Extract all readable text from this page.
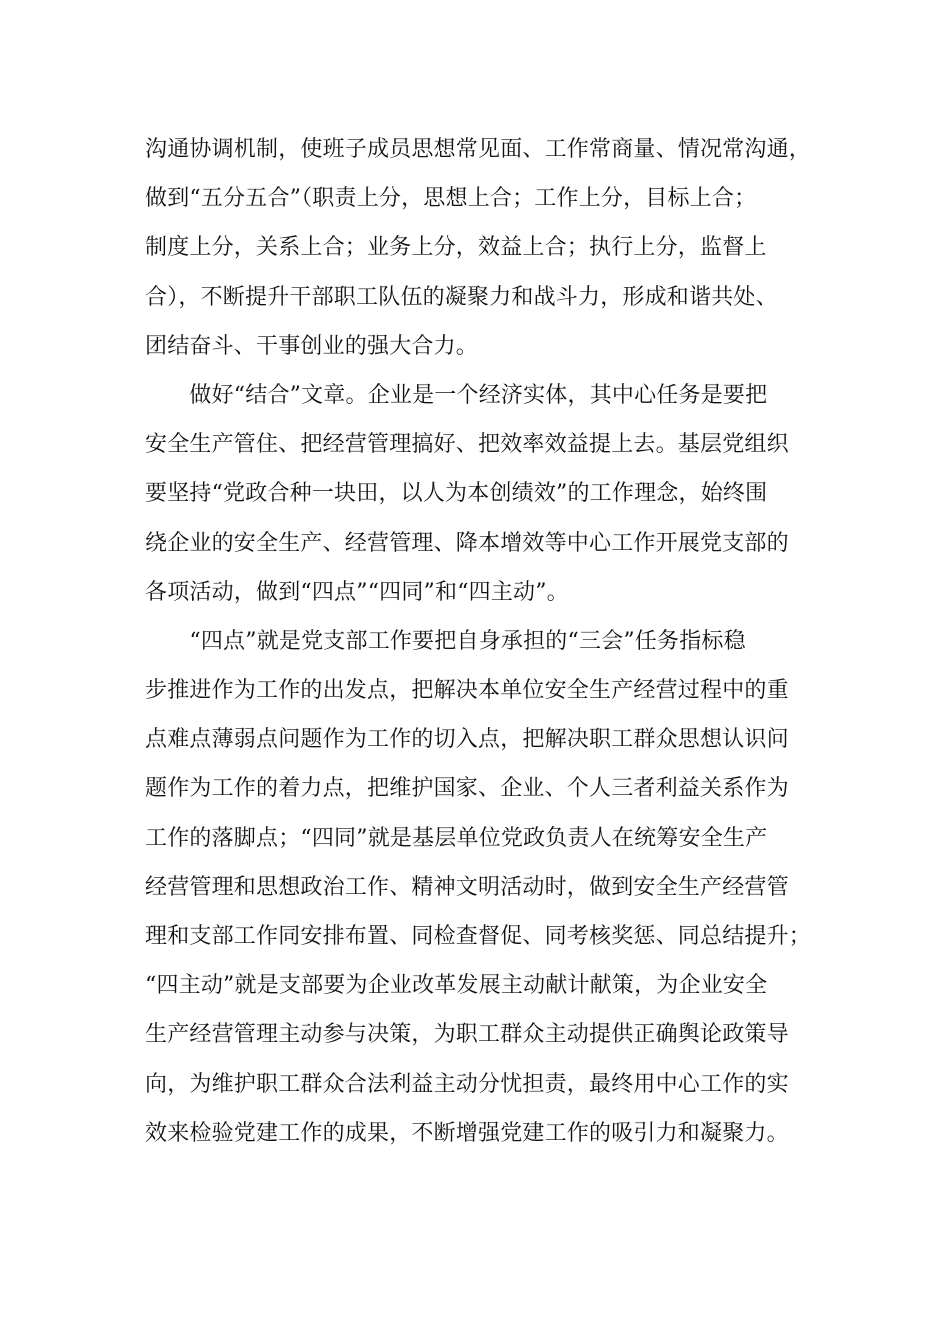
沟通协调机制，使班子成员思想常见面、工作常商量、情况常沟通，
做到“五分五合”（职责上分，思想上合；工作上分，目标上合；
制度上分，关系上合；业务上分，效益上合；执行上分，监督上
合），不断提升干部职工队伍的凝聚力和战斗力，形成和谐共处、
团结奋斗、干事创业的强大合力。
　　做好“结合”文章。企业是一个经济实体，其中心任务是要把
安全生产管住、把经营管理搞好、把效率效益提上去。基层党组织
要坚持“党政合种一块田，以人为本创绩效”的工作理念，始终围
绕企业的安全生产、经营管理、降本增效等中心工作开展党支部的
各项活动，做到“四点”“四同”和“四主动”。
　　“四点”就是党支部工作要把自身承担的“三会”任务指标稳
步推进作为工作的出发点，把解决本单位安全生产经营过程中的重
点难点薄弱点问题作为工作的切入点，把解决职工群众思想认识问
题作为工作的着力点，把维护国家、企业、个人三者利益关系作为
工作的落脚点；“四同”就是基层单位党政负责人在统筹安全生产
经营管理和思想政治工作、精神文明活动时，做到安全生产经营管
理和支部工作同安排布置、同检查督促、同考核奖惩、同总结提升；
“四主动”就是支部要为企业改革发展主动献计献策，为企业安全
生产经营管理主动参与决策，为职工群众主动提供正确舆论政策导
向，为维护职工群众合法利益主动分忧担责，最终用中心工作的实
效来检验党建工作的成果，不断增强党建工作的吸引力和凝聚力。
